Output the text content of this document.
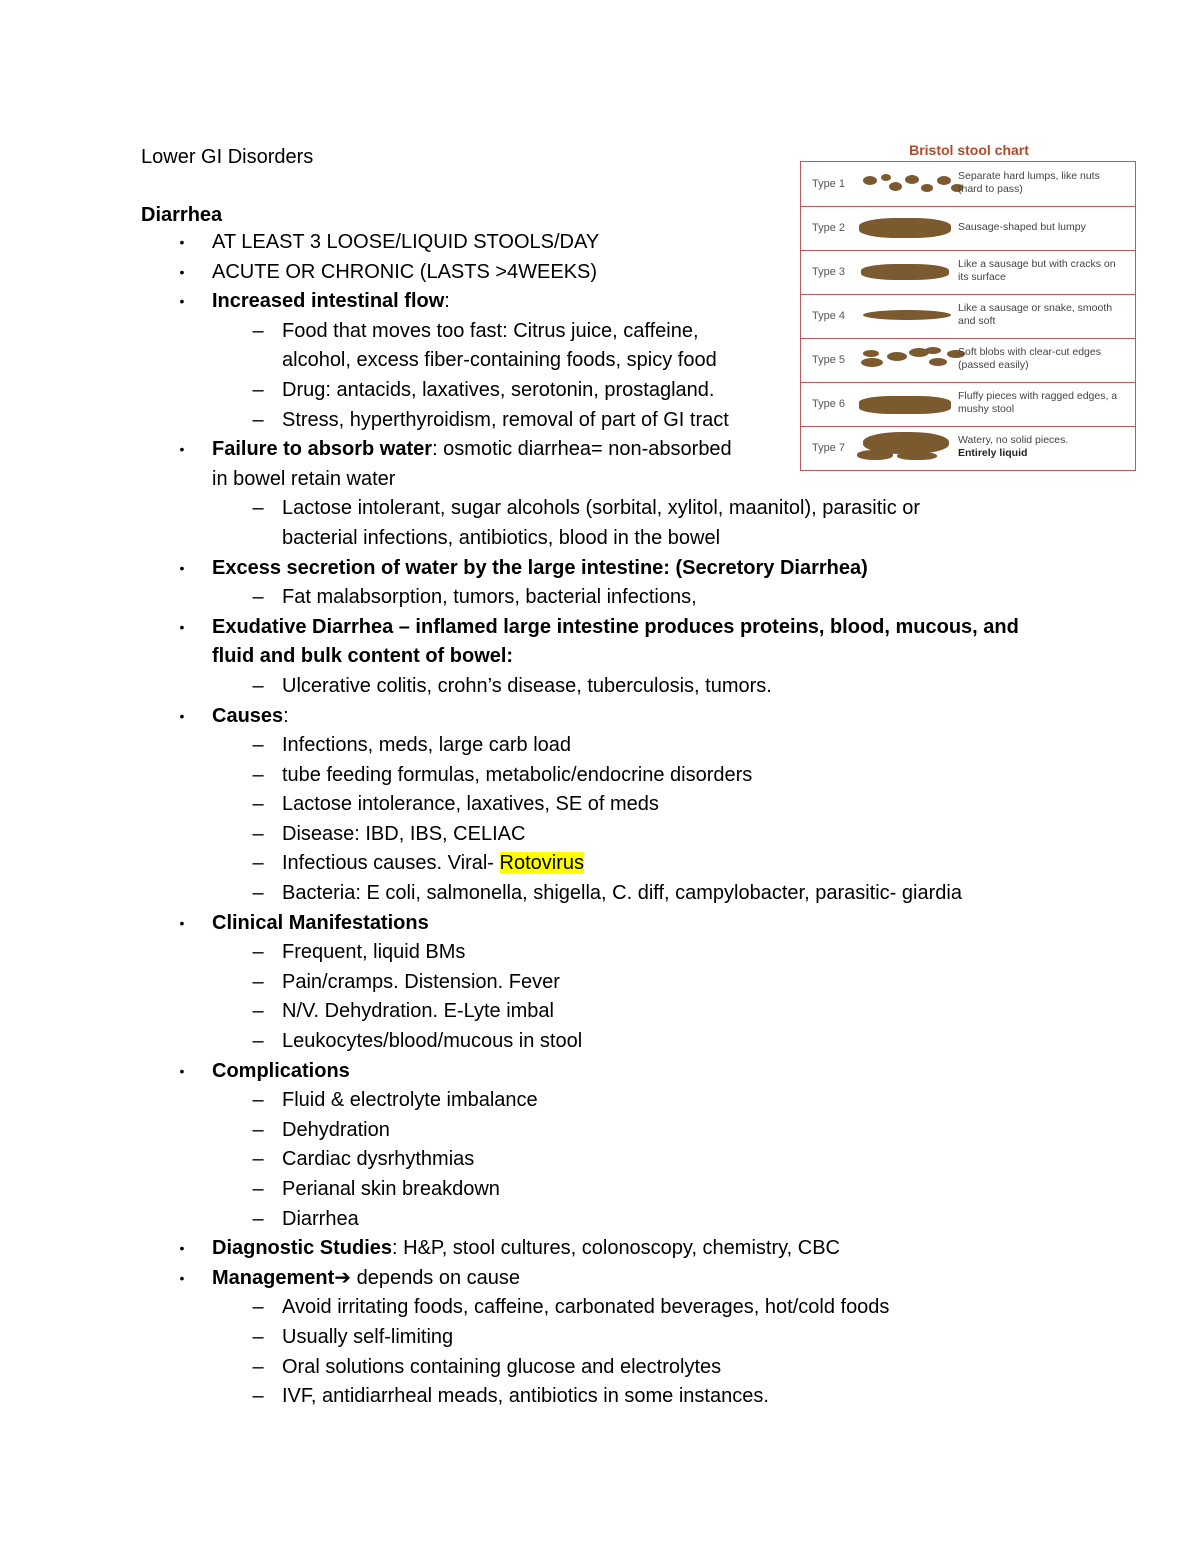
Lower GI Disorders
Diarrhea
• AT LEAST 3 LOOSE/LIQUID STOOLS/DAY
• ACUTE OR CHRONIC (LASTS >4WEEKS)
• Increased intestinal flow:
– Food that moves too fast: Citrus juice, caffeine,
alcohol, excess fiber-containing foods, spicy food
– Drug: antacids, laxatives, serotonin, prostagland.
– Stress, hyperthyroidism, removal of part of GI tract
• Failure to absorb water: osmotic diarrhea= non-absorbed
in bowel retain water
– Lactose intolerant, sugar alcohols (sorbital, xylitol, maanitol), parasitic or
bacterial infections, antibiotics, blood in the bowel
• Excess secretion of water by the large intestine: (Secretory Diarrhea)
– Fat malabsorption, tumors, bacterial infections,
• Exudative Diarrhea – inflamed large intestine produces proteins, blood, mucous, and
fluid and bulk content of bowel:
– Ulcerative colitis, crohn’s disease, tuberculosis, tumors.
• Causes:
– Infections, meds, large carb load
– tube feeding formulas, metabolic/endocrine disorders
– Lactose intolerance, laxatives, SE of meds
– Disease: IBD, IBS, CELIAC
– Infectious causes. Viral- Rotovirus
– Bacteria: E coli, salmonella, shigella, C. diff, campylobacter, parasitic- giardia
• Clinical Manifestations
– Frequent, liquid BMs
– Pain/cramps. Distension. Fever
– N/V. Dehydration. E-Lyte imbal
– Leukocytes/blood/mucous in stool
• Complications
– Fluid & electrolyte imbalance
– Dehydration
– Cardiac dysrhythmias
– Perianal skin breakdown
– Diarrhea
• Diagnostic Studies: H&P, stool cultures, colonoscopy, chemistry, CBC
• Management➔ depends on cause
– Avoid irritating foods, caffeine, carbonated beverages, hot/cold foods
– Usually self-limiting
– Oral solutions containing glucose and electrolytes
– IVF, antidiarrheal meads, antibiotics in some instances.
Bristol stool chart
Type 1
Separate hard lumps, like nuts
(hard to pass)
Type 2	Sausage-shaped but lumpy
Type 3
Like a sausage but with cracks on
its surface
Type 4
Like a sausage or snake, smooth
and soft
Type 5
Soft blobs with clear-cut edges
(passed easily)
Type 6
Fluffy pieces with ragged edges, a
mushy stool
Type 7
Watery, no solid pieces.
Entirely liquid
